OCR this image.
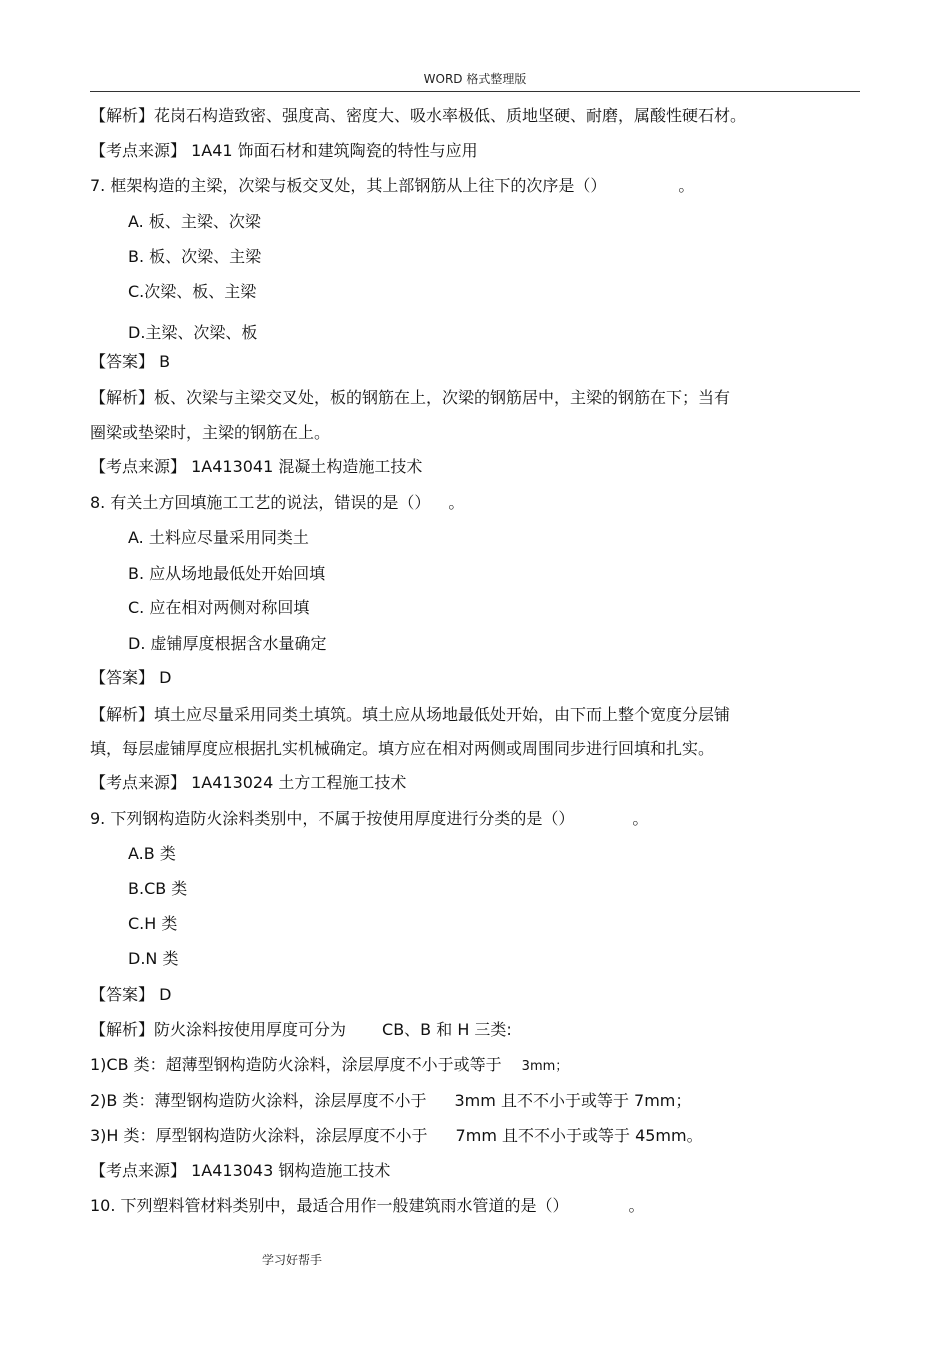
WORD 格式整理版
【解析】花岗石构造致密、强度高、密度大、吸水率极低、质地坚硬、耐磨，属酸性硬石材。
【考点来源】 1A41 饰面石材和建筑陶瓷的特性与应用
7. 框架构造的主梁，次梁与板交叉处，其上部钢筋从上往下的次序是（）	。
A. 板、主梁、次梁
B. 板、次梁、主梁
C.次梁、板、主梁
D.主梁、次梁、板
【答案】 B
【解析】板、次梁与主梁交叉处，板的钢筋在上，次梁的钢筋居中，主梁的钢筋在下；当有
圈梁或垫梁时，主梁的钢筋在上。
【考点来源】 1A413041 混凝土构造施工技术
8. 有关土方回填施工工艺的说法，错误的是（） 。
A. 土料应尽量采用同类土
B. 应从场地最低处开始回填
C. 应在相对两侧对称回填
D. 虚铺厚度根据含水量确定
【答案】 D
【解析】填土应尽量采用同类土填筑。填土应从场地最低处开始，由下而上整个宽度分层铺
填，每层虚铺厚度应根据扎实机械确定。填方应在相对两侧或周围同步进行回填和扎实。
【考点来源】 1A413024 土方工程施工技术
9. 下列钢构造防火涂料类别中，不属于按使用厚度进行分类的是（）	。
A.B 类
B.CB 类
C.H 类
D.N 类
【答案】 D
【解析】防火涂料按使用厚度可分为 CB、B 和 H 三类:
1)CB 类：超薄型钢构造防火涂料，涂层厚度不小于或等于 3mm；
2)B 类：薄型钢构造防火涂料，涂层厚度不小于 3mm 且不不小于或等于 7mm；
3)H 类：厚型钢构造防火涂料，涂层厚度不小于 7mm 且不不小于或等于 45mm。
【考点来源】 1A413043 钢构造施工技术
10. 下列塑料管材料类别中，最适合用作一般建筑雨水管道的是（）	。
学习好帮手
